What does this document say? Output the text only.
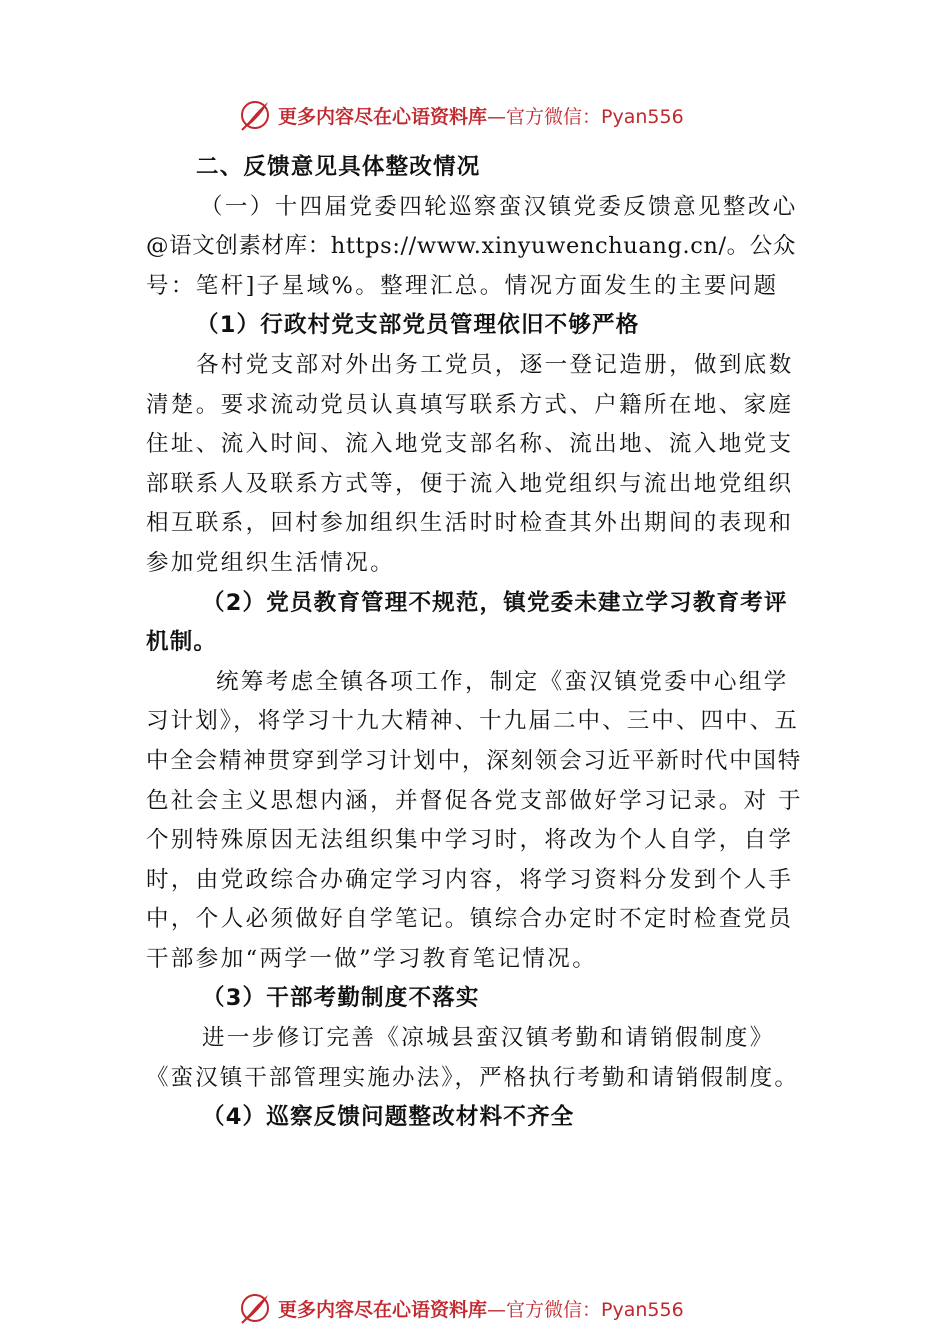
更多内容尽在心语资料库 —官方微信：Pyan556
二、反馈意见具体整改情况
（一）十四届党委四轮巡察蛮汉镇党委反馈意见整改心
@语文创素材库：https://www.xinyuwenchuang.cn/。公众
号：笔杆]子星域%。整理汇总。情况方面发生的主要问题
（1）行政村党支部党员管理依旧不够严格
各村党支部对外出务工党员，逐一登记造册，做到底数
清楚。要求流动党员认真填写联系方式、户籍所在地、家庭
住址、流入时间、流入地党支部名称、流出地、流入地党支
部联系人及联系方式等，便于流入地党组织与流出地党组织
相互联系，回村参加组织生活时时检查其外出期间的表现和
参加党组织生活情况。
（2）党员教育管理不规范，镇党委未建立学习教育考评
机制。
统筹考虑全镇各项工作，制定《蛮汉镇党委中心组学
习计划》，将学习十九大精神、十九届二中、三中、四中、五
中全会精神贯穿到学习计划中，深刻领会习近平新时代中国特
色社会主义思想内涵，并督促各党支部做好学习记录。对 于
个别特殊原因无法组织集中学习时，将改为个人自学，自学
时，由党政综合办确定学习内容，将学习资料分发到个人手
中，个人必须做好自学笔记。镇综合办定时不定时检查党员
干部参加“两学一做”学习教育笔记情况。
（3）干部考勤制度不落实
进一步修订完善《凉城县蛮汉镇考勤和请销假制度》
《蛮汉镇干部管理实施办法》，严格执行考勤和请销假制度。
（4）巡察反馈问题整改材料不齐全
更多内容尽在心语资料库 —官方微信：Pyan556
